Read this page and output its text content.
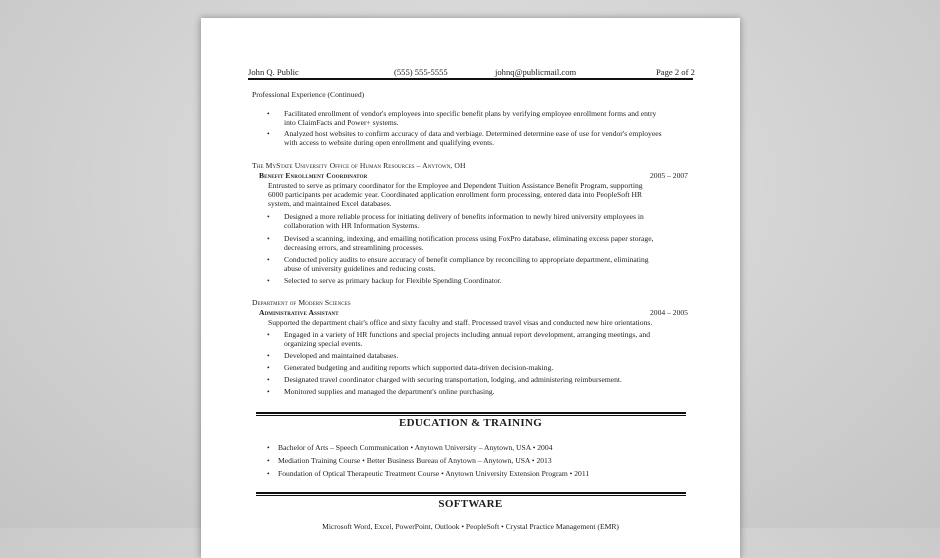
John Q. Public	(555) 555-5555	johnq@publicmail.com	Page 2 of 2
Professional Experience (Continued)
• Facilitated enrollment of vendor's employees into specific benefit plans by verifying employee enrollment forms and entry
into ClaimFacts and Power+ systems.
• Analyzed host websites to confirm accuracy of data and verbiage. Determined determine ease of use for vendor's employees
with access to website during open enrollment and qualifying events.
The MyState University Office of Human Resources – Anytown, OH
Benefit Enrollment Coordinator	2005 – 2007
Entrusted to serve as primary coordinator for the Employee and Dependent Tuition Assistance Benefit Program, supporting
6000 participants per academic year. Coordinated application enrollment form processing, entered data into PeopleSoft HR
system, and maintained Excel databases.
• Designed a more reliable process for initiating delivery of benefits information to newly hired university employees in
collaboration with HR Information Systems.
• Devised a scanning, indexing, and emailing notification process using FoxPro database, eliminating excess paper storage,
decreasing errors, and streamlining processes.
• Conducted policy audits to ensure accuracy of benefit compliance by reconciling to appropriate department, eliminating
abuse of university guidelines and reducing costs.
• Selected to serve as primary backup for Flexible Spending Coordinator.
Department of Modern Sciences
Administrative Assistant	2004 – 2005
Supported the department chair's office and sixty faculty and staff. Processed travel visas and conducted new hire orientations.
• Engaged in a variety of HR functions and special projects including annual report development, arranging meetings, and
organizing special events.
• Developed and maintained databases.
• Generated budgeting and auditing reports which supported data-driven decision-making.
• Designated travel coordinator charged with securing transportation, lodging, and administering reimbursement.
• Monitored supplies and managed the department's online purchasing.
EDUCATION & TRAINING
• Bachelor of Arts – Speech Communication • Anytown University – Anytown, USA • 2004
• Mediation Training Course • Better Business Bureau of Anytown – Anytown, USA • 2013
• Foundation of Optical Therapeutic Treatment Course • Anytown University Extension Program • 2011
SOFTWARE
Microsoft Word, Excel, PowerPoint, Outlook • PeopleSoft • Crystal Practice Management (EMR)
